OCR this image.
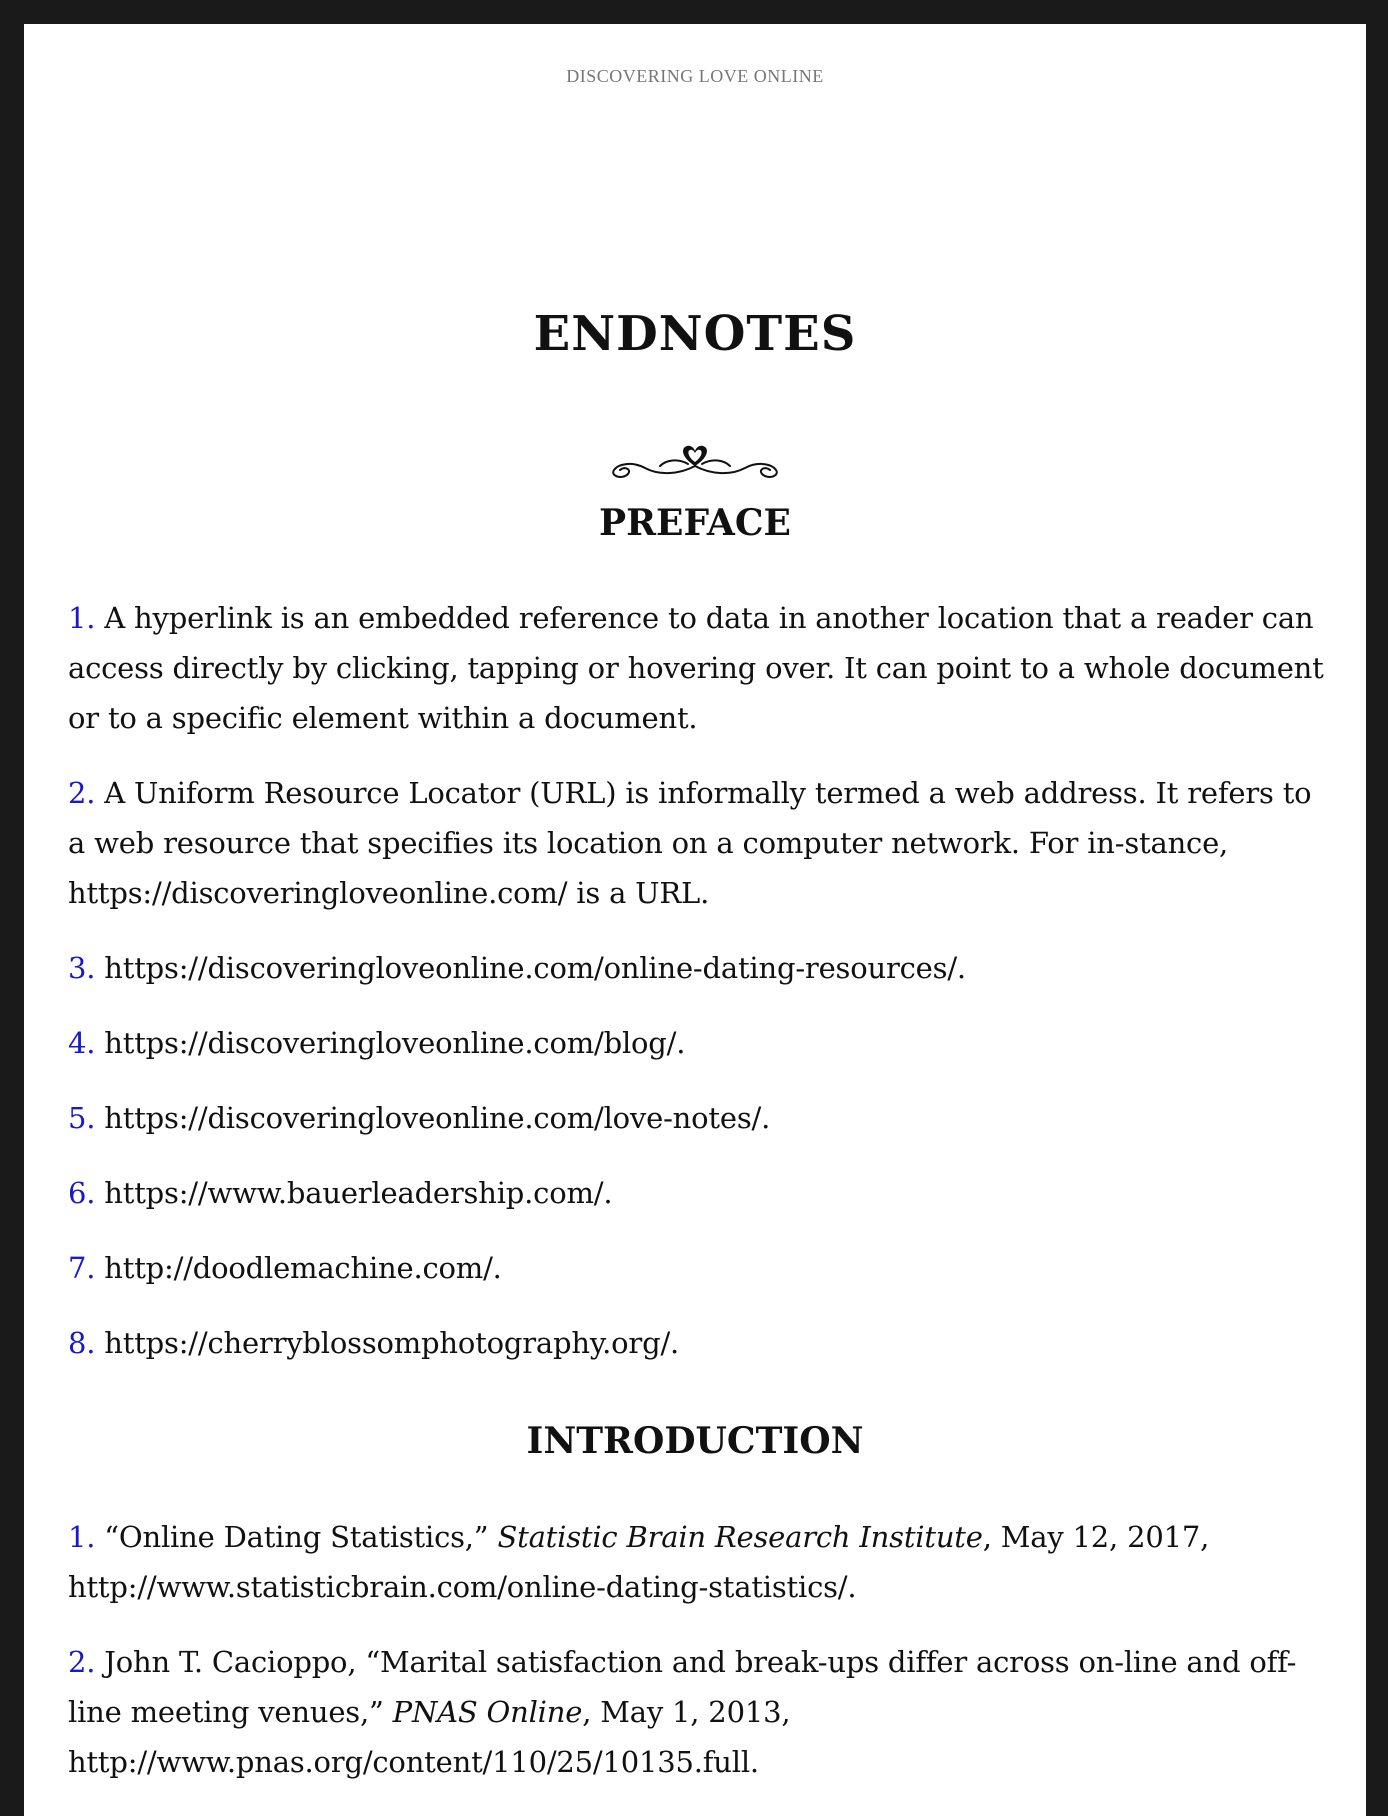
DISCOVERING LOVE ONLINE
ENDNOTES
PREFACE
1. A hyperlink is an embedded reference to data in another location that a reader can access directly by clicking, tapping or hovering over. It can point to a whole document or to a specific element within a document.
2. A Uniform Resource Locator (URL) is informally termed a web address. It refers to a web resource that specifies its location on a computer network. For in-stance, https://discoveringloveonline.com/ is a URL.
3. https://discoveringloveonline.com/online-dating-resources/.
4. https://discoveringloveonline.com/blog/.
5. https://discoveringloveonline.com/love-notes/.
6. https://www.bauerleadership.com/.
7. http://doodlemachine.com/.
8. https://cherryblossomphotography.org/.
INTRODUCTION
1. “Online Dating Statistics,” Statistic Brain Research Institute, May 12, 2017, http://www.statisticbrain.com/online-dating-statistics/.
2. John T. Cacioppo, “Marital satisfaction and break-ups differ across on-line and off-line meeting venues,” PNAS Online, May 1, 2013, http://www.pnas.org/content/110/25/10135.full.
